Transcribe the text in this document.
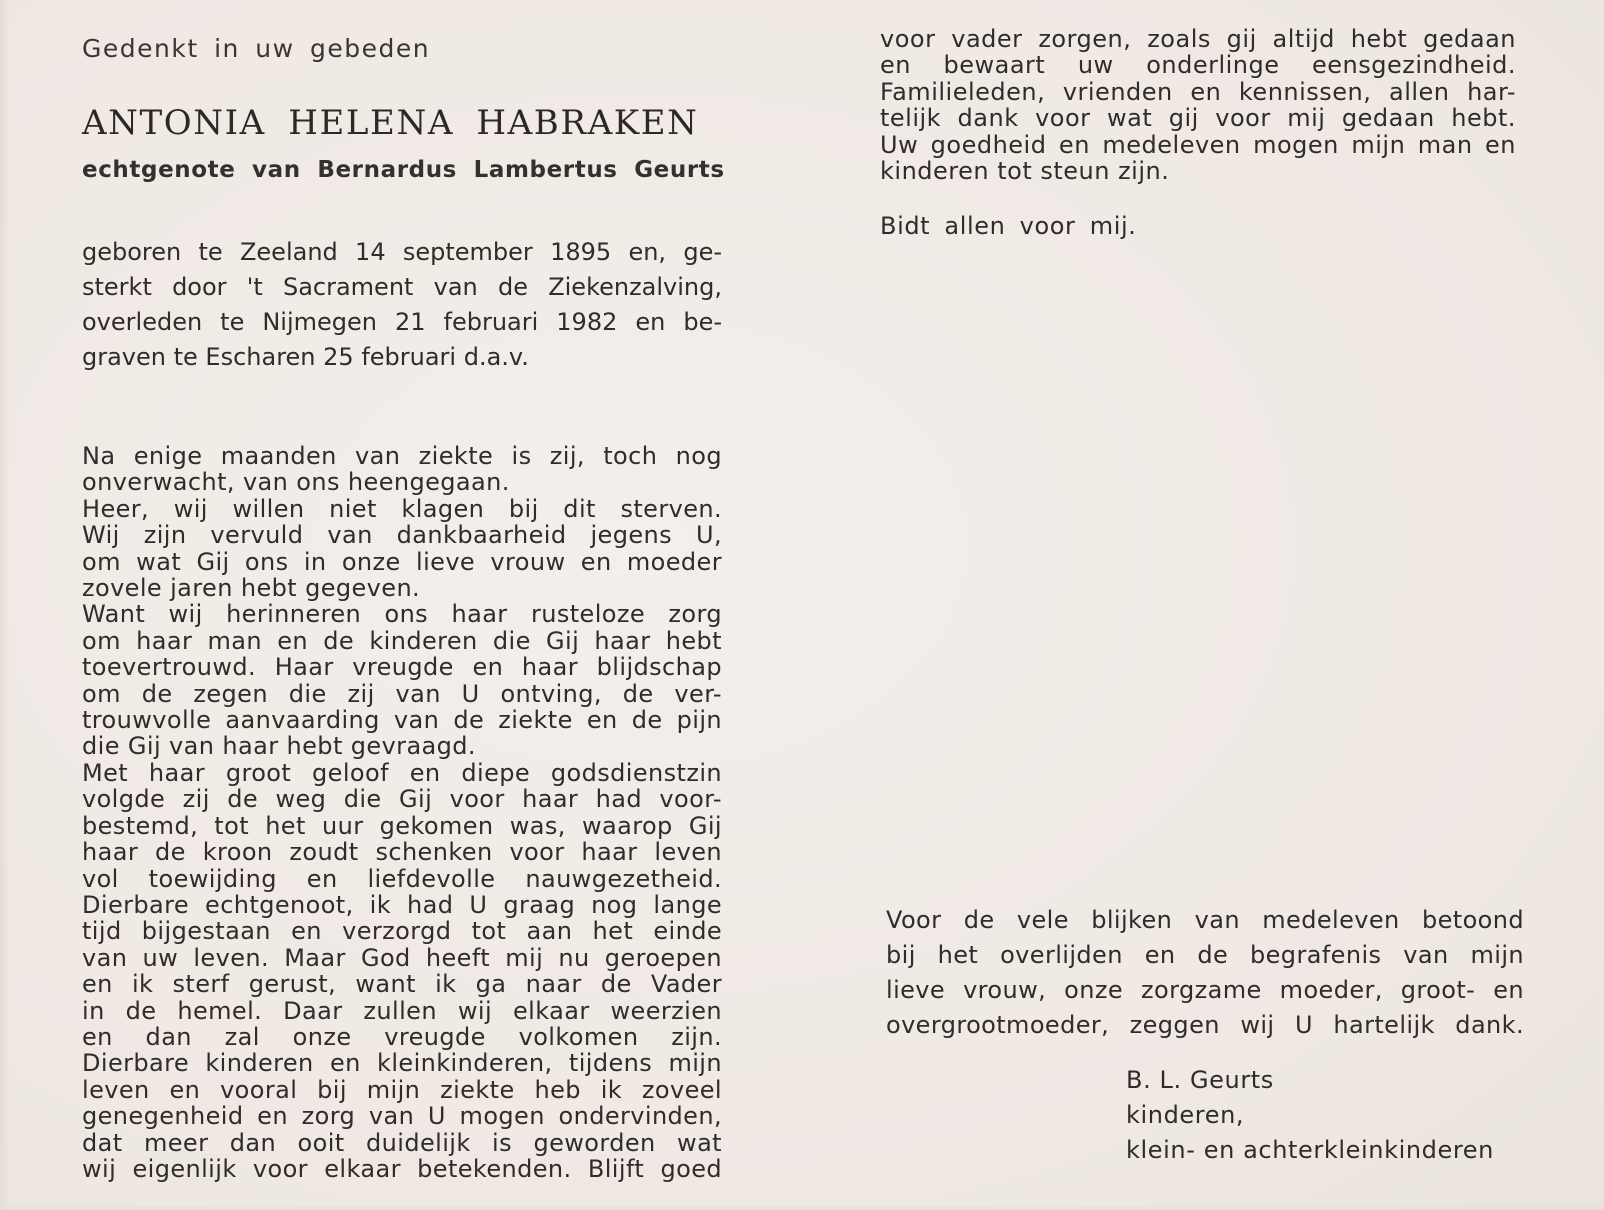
Gedenkt in uw gebeden
ANTONIA HELENA HABRAKEN
echtgenote van Bernardus Lambertus Geurts
geboren te Zeeland 14 september 1895 en, ge-
sterkt door 't Sacrament van de Ziekenzalving,
overleden te Nijmegen 21 februari 1982 en be-
graven te Escharen 25 februari d.a.v.
Na enige maanden van ziekte is zij, toch nog
onverwacht, van ons heengegaan.
Heer, wij willen niet klagen bij dit sterven.
Wij zijn vervuld van dankbaarheid jegens U,
om wat Gij ons in onze lieve vrouw en moeder
zovele jaren hebt gegeven.
Want wij herinneren ons haar rusteloze zorg
om haar man en de kinderen die Gij haar hebt
toevertrouwd. Haar vreugde en haar blijdschap
om de zegen die zij van U ontving, de ver-
trouwvolle aanvaarding van de ziekte en de pijn
die Gij van haar hebt gevraagd.
Met haar groot geloof en diepe godsdienstzin
volgde zij de weg die Gij voor haar had voor-
bestemd, tot het uur gekomen was, waarop Gij
haar de kroon zoudt schenken voor haar leven
vol toewijding en liefdevolle nauwgezetheid.
Dierbare echtgenoot, ik had U graag nog lange
tijd bijgestaan en verzorgd tot aan het einde
van uw leven. Maar God heeft mij nu geroepen
en ik sterf gerust, want ik ga naar de Vader
in de hemel. Daar zullen wij elkaar weerzien
en dan zal onze vreugde volkomen zijn.
Dierbare kinderen en kleinkinderen, tijdens mijn
leven en vooral bij mijn ziekte heb ik zoveel
genegenheid en zorg van U mogen ondervinden,
dat meer dan ooit duidelijk is geworden wat
wij eigenlijk voor elkaar betekenden. Blijft goed
voor vader zorgen, zoals gij altijd hebt gedaan
en bewaart uw onderlinge eensgezindheid.
Familieleden, vrienden en kennissen, allen har-
telijk dank voor wat gij voor mij gedaan hebt.
Uw goedheid en medeleven mogen mijn man en
kinderen tot steun zijn.
Bidt allen voor mij.
Voor de vele blijken van medeleven betoond
bij het overlijden en de begrafenis van mijn
lieve vrouw, onze zorgzame moeder, groot- en
overgrootmoeder, zeggen wij U hartelijk dank.
B. L. Geurts
kinderen,
klein- en achterkleinkinderen
